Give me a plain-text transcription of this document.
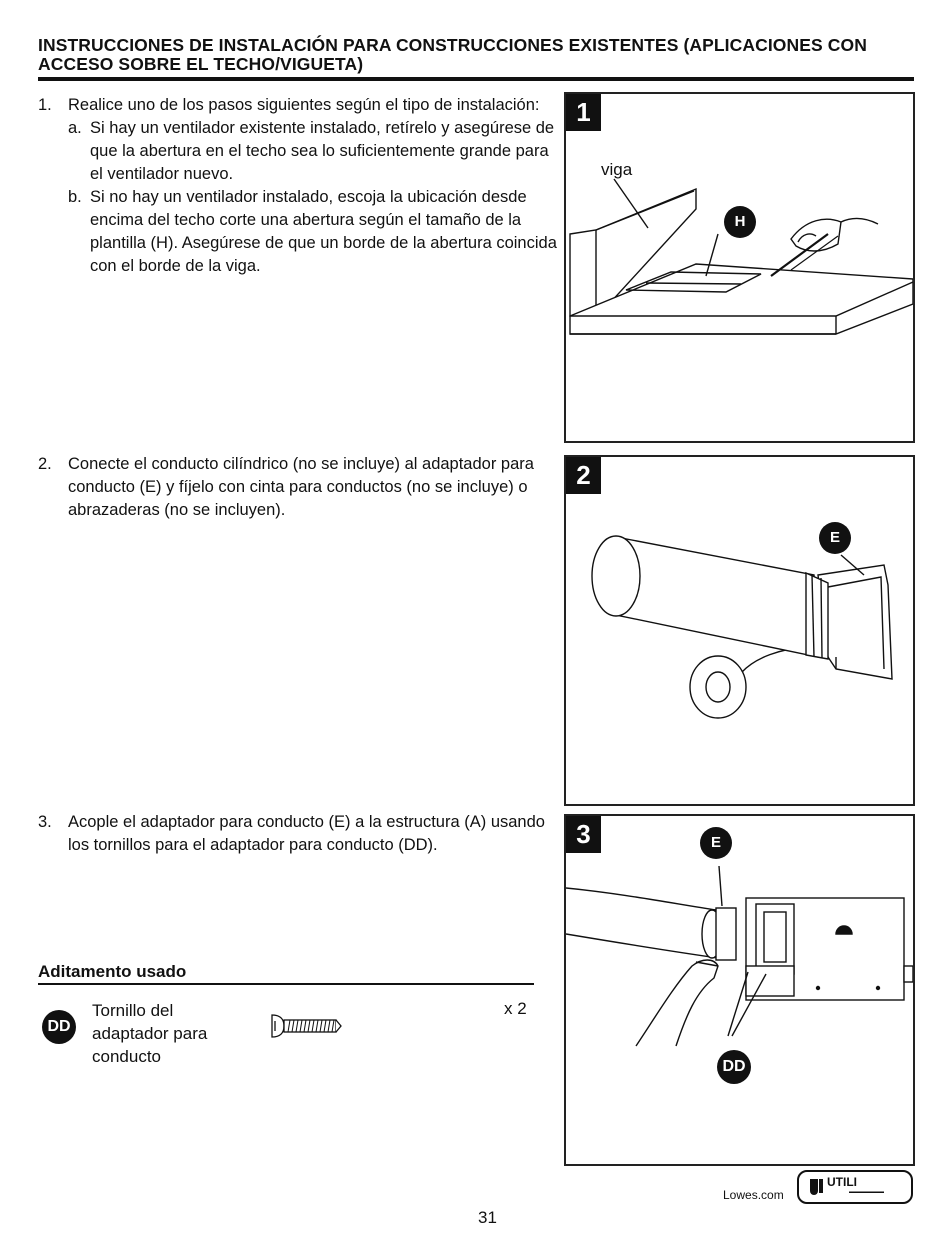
INSTRUCCIONES DE INSTALACIÓN PARA CONSTRUCCIONES EXISTENTES (APLICACIONES CON ACCESO SOBRE EL TECHO/VIGUETA)
1. Realice uno de los pasos siguientes según el tipo de instalación:
a. Si hay un ventilador existente instalado, retírelo y asegúrese de que la abertura en el techo sea lo suficientemente grande para el ventilador nuevo.
b. Si no hay un ventilador instalado, escoja la ubicación desde encima del techo corte una abertura según el tamaño de la plantilla (H). Asegúrese de que un borde de la abertura coincida con el borde de la viga.
2. Conecte el conducto cilíndrico (no se incluye) al adaptador para conducto (E) y fíjelo con cinta para conductos (no se incluye) o abrazaderas (no se incluyen).
3. Acople el adaptador para conducto (E) a la estructura (A) usando los tornillos para el adaptador para conducto (DD).
1
viga
H
2
E
3	E
DD
Aditamento usado
DD
Tornillo del adaptador para conducto
x 2
Lowes.com
UTILI
▬▬▬▬▬▬▬
31
